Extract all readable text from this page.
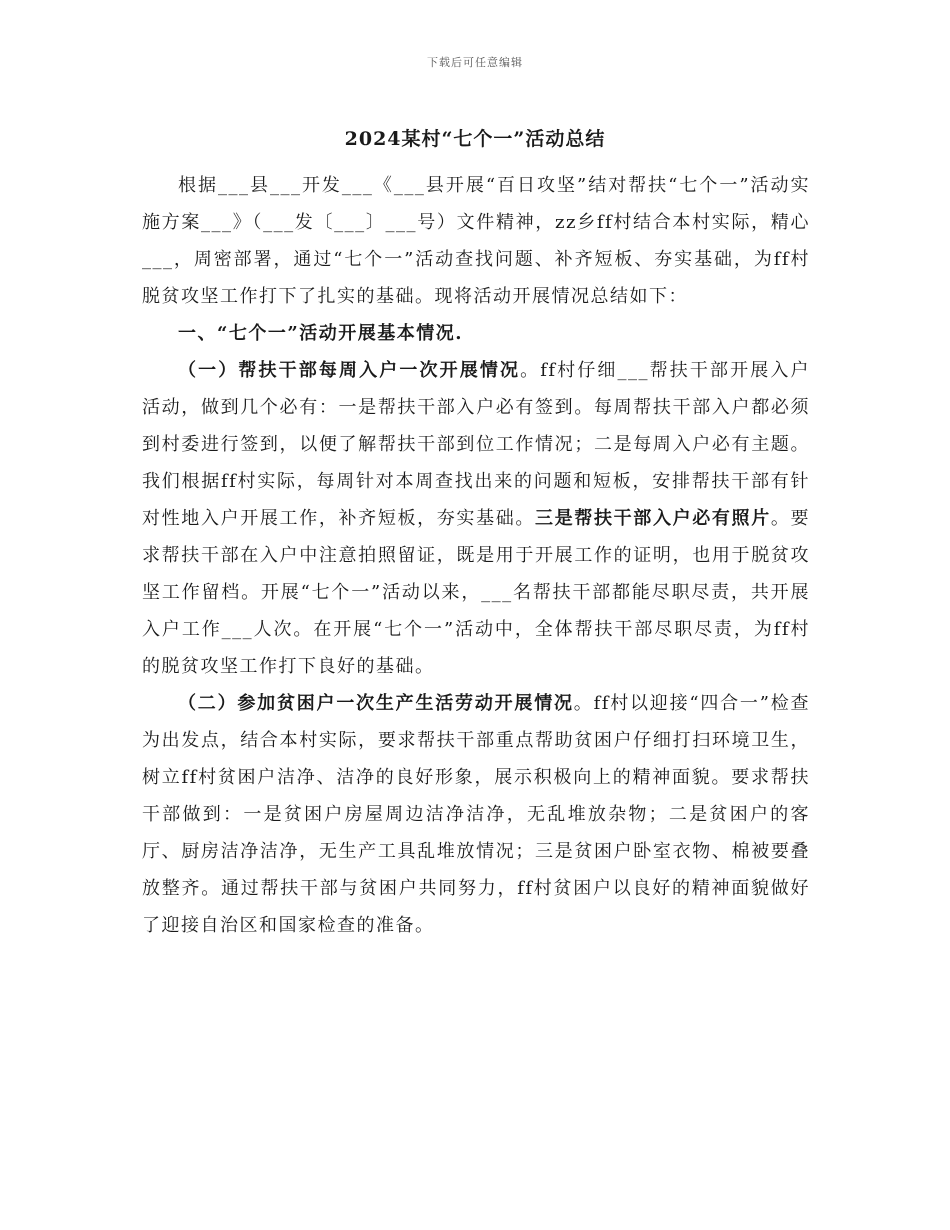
下载后可任意编辑
2024某村“七个一”活动总结

根据___县___开发___《___县开展“百日攻坚”结对帮扶“七个一”活动实施方案___》（___发〔___〕___号）文件精神，zz乡ff村结合本村实际，精心___，周密部署，通过“七个一”活动查找问题、补齐短板、夯实基础，为ff村脱贫攻坚工作打下了扎实的基础。现将活动开展情况总结如下：

一、“七个一”活动开展基本情况.

（一）帮扶干部每周入户一次开展情况。ff村仔细___帮扶干部开展入户活动，做到几个必有：一是帮扶干部入户必有签到。每周帮扶干部入户都必须到村委进行签到，以便了解帮扶干部到位工作情况；二是每周入户必有主题。我们根据ff村实际，每周针对本周查找出来的问题和短板，安排帮扶干部有针对性地入户开展工作，补齐短板，夯实基础。三是帮扶干部入户必有照片。要求帮扶干部在入户中注意拍照留证，既是用于开展工作的证明，也用于脱贫攻坚工作留档。开展“七个一”活动以来，___名帮扶干部都能尽职尽责，共开展入户工作___人次。在开展“七个一”活动中，全体帮扶干部尽职尽责，为ff村的脱贫攻坚工作打下良好的基础。

（二）参加贫困户一次生产生活劳动开展情况。ff村以迎接“四合一”检查为出发点，结合本村实际，要求帮扶干部重点帮助贫困户仔细打扫环境卫生，树立ff村贫困户洁净、洁净的良好形象，展示积极向上的精神面貌。要求帮扶干部做到：一是贫困户房屋周边洁净洁净，无乱堆放杂物；二是贫困户的客厅、厨房洁净洁净，无生产工具乱堆放情况；三是贫困户卧室衣物、棉被要叠放整齐。通过帮扶干部与贫困户共同努力，ff村贫困户以良好的精神面貌做好了迎接自治区和国家检查的准备。
